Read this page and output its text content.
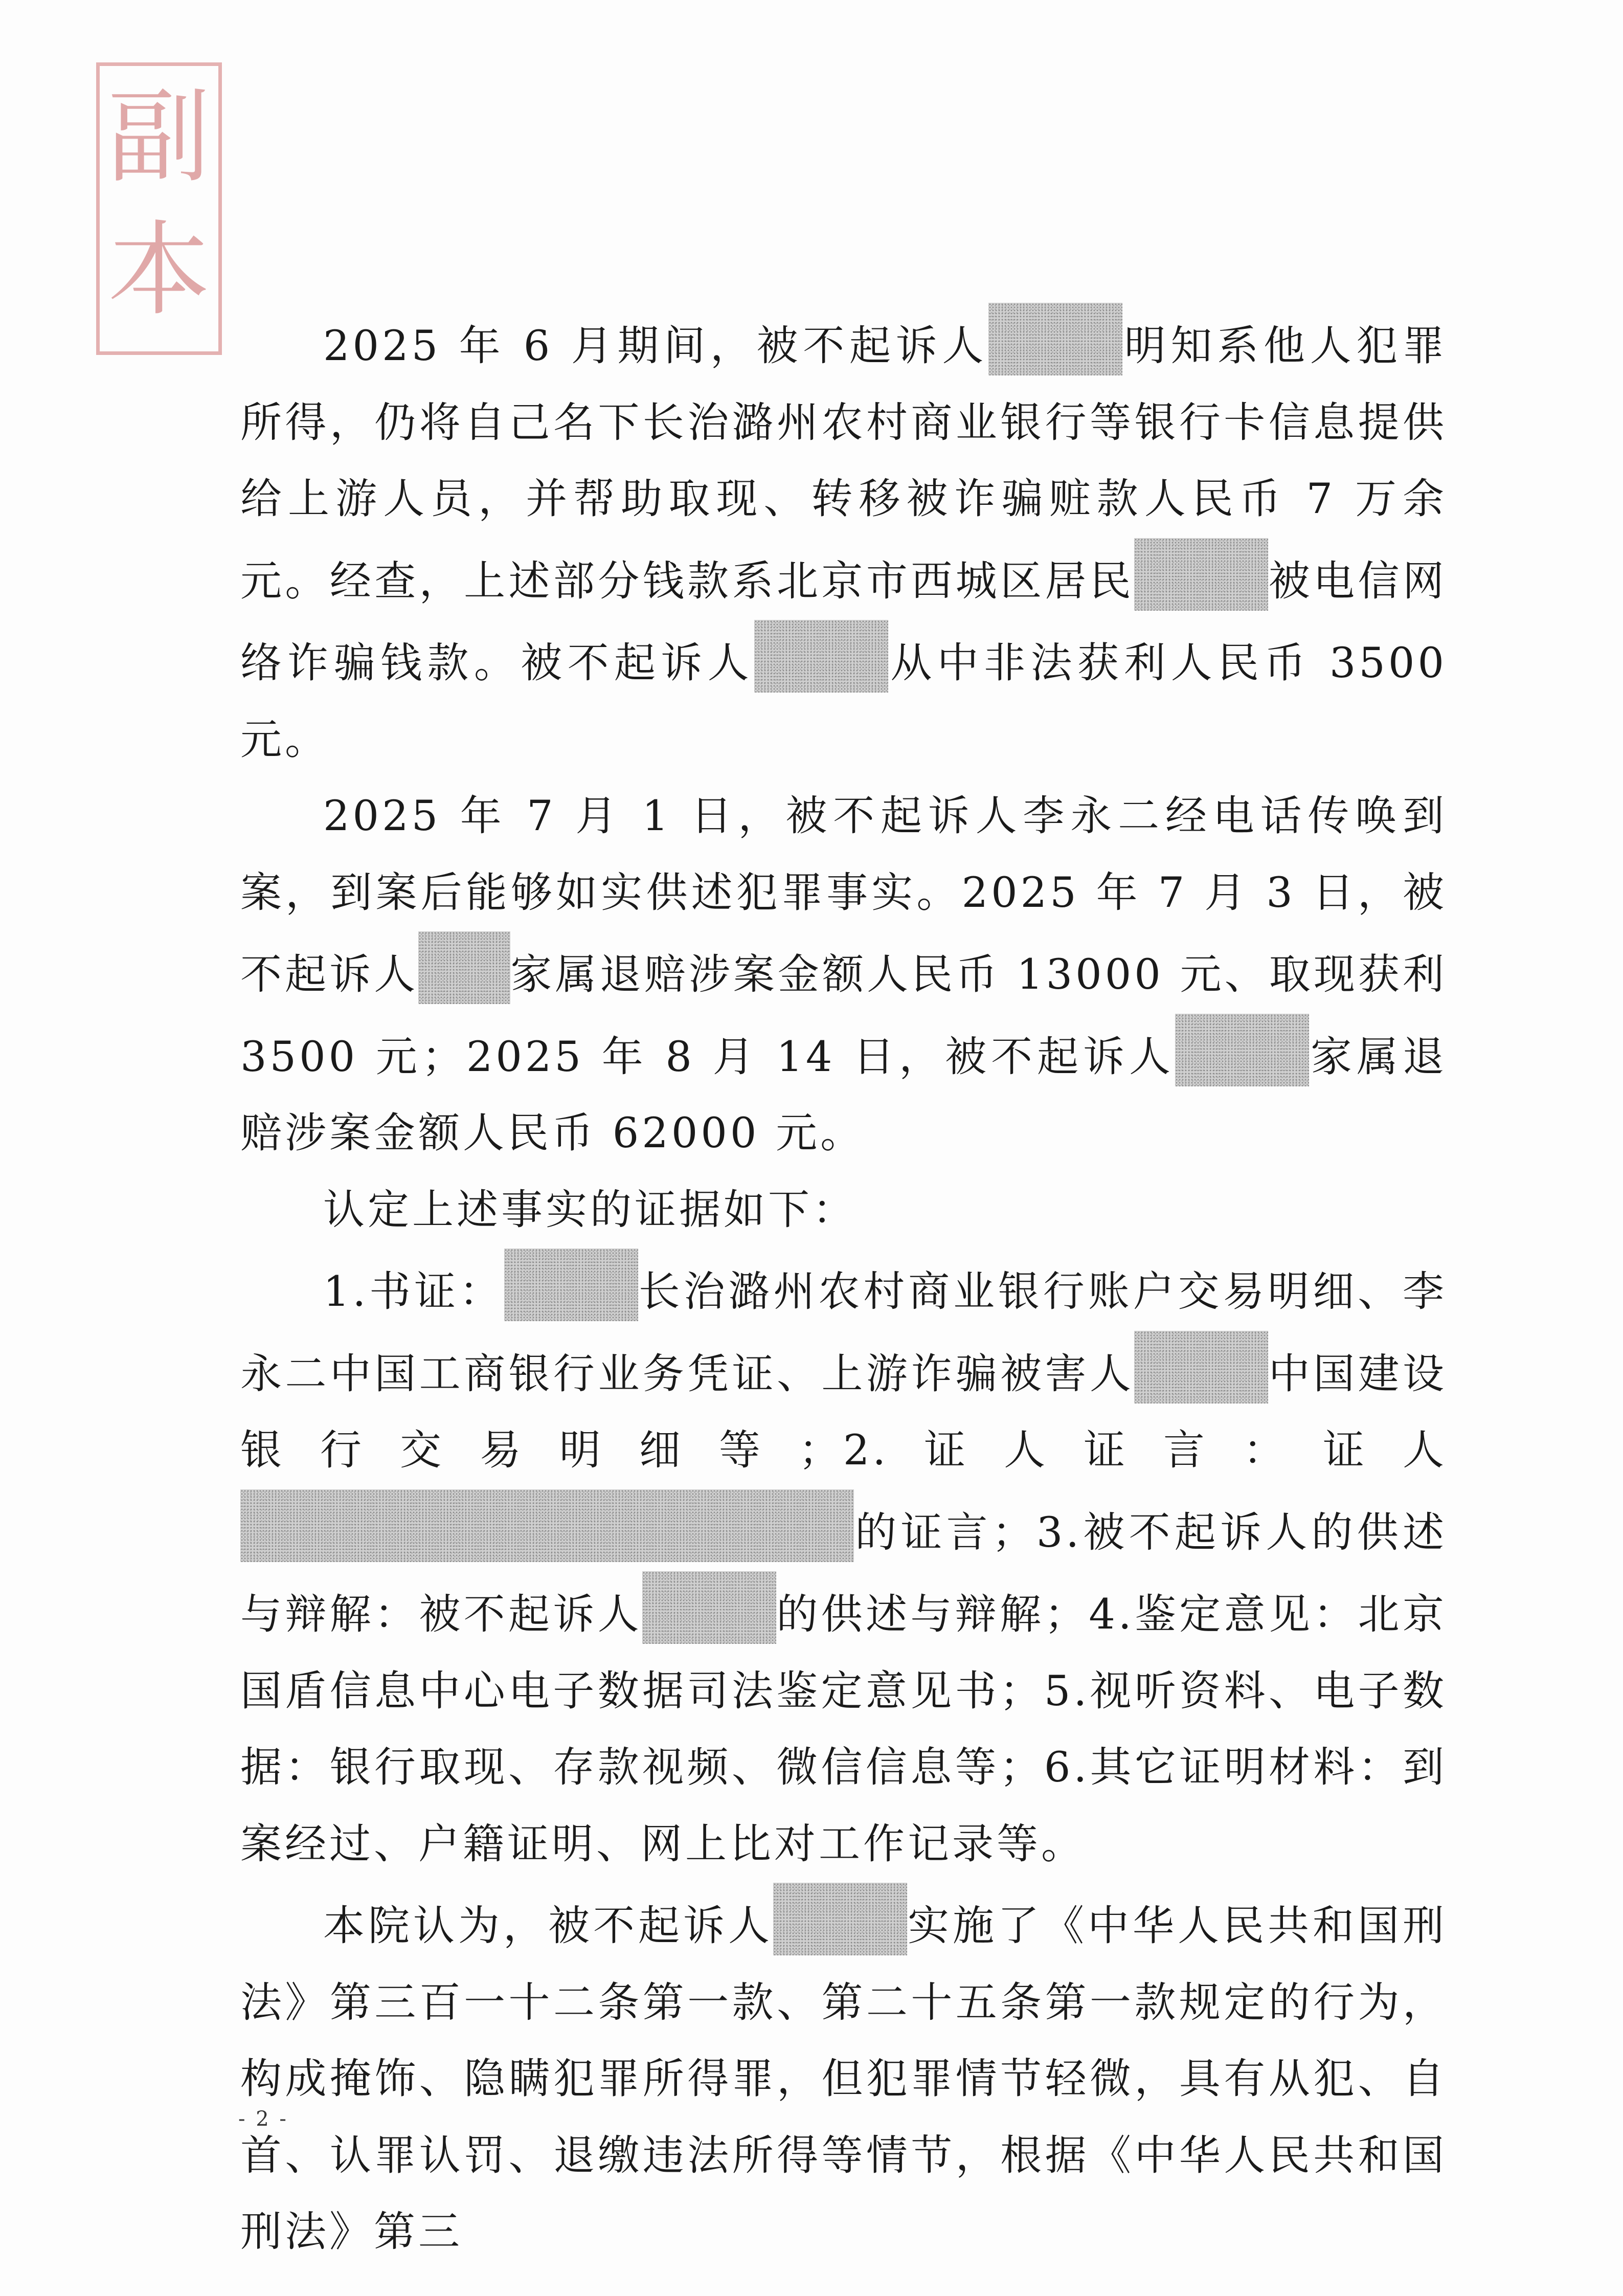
副
本

2025 年 6 月期间，被不起诉人	明知系他人犯罪所得，仍将自己名下长治潞州农村商业银行等银行卡信息提供给上游人员，并帮助取现、转移被诈骗赃款人民币 7 万余元。经查，上述部分钱款系北京市西城区居民	被电信网络诈骗钱款。被不起诉人	从中非法获利人民币 3500 元。

2025 年 7 月 1 日，被不起诉人李永二经电话传唤到案，到案后能够如实供述犯罪事实。2025 年 7 月 3 日，被不起诉人 家属退赔涉案金额人民币 13000 元、取现获利 3500 元；2025 年 8 月 14 日，被不起诉人	家属退赔涉案金额人民币 62000 元。

认定上述事实的证据如下：

1.书证：	长治潞州农村商业银行账户交易明细、李永二中国工商银行业务凭证、上游诈骗被害人	中国建设银行交易明细等；2.证人证言：证人的证言；3.被不起诉人的供述与辩解：被不起诉人	的供述与辩解；4.鉴定意见：北京国盾信息中心电子数据司法鉴定意见书；5.视听资料、电子数据：银行取现、存款视频、微信信息等；6.其它证明材料：到案经过、户籍证明、网上比对工作记录等。

本院认为，被不起诉人	实施了《中华人民共和国刑法》第三百一十二条第一款、第二十五条第一款规定的行为，构成掩饰、隐瞒犯罪所得罪，但犯罪情节轻微，具有从犯、自首、认罪认罚、退缴违法所得等情节，根据《中华人民共和国刑法》第三

- 2 -
